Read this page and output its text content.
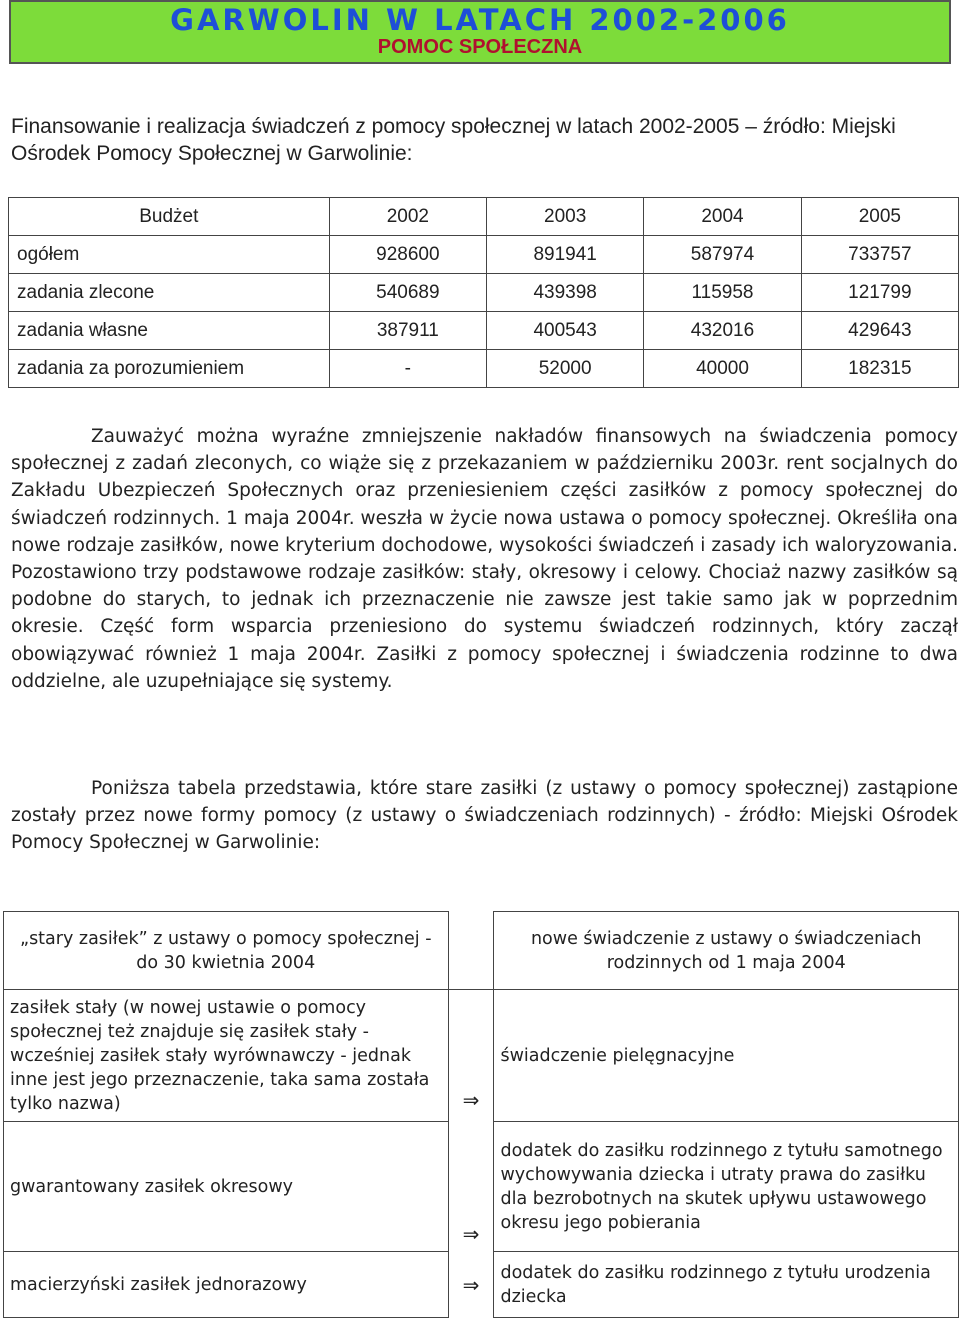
GARWOLIN W LATACH 2002-2006
POMOC SPOŁECZNA
Finansowanie i realizacja świadczeń z pomocy społecznej w latach 2002-2005 – źródło: Miejski Ośrodek Pomocy Społecznej w Garwolinie:
Budżet	2002	2003	2004	2005
ogółem	928600	891941	587974	733757
zadania zlecone	540689	439398	115958	121799
zadania własne	387911	400543	432016	429643
zadania za porozumieniem	-	52000	40000	182315
Zauważyć można wyraźne zmniejszenie nakładów finansowych na świadczenia pomocy społecznej z zadań zleconych, co wiąże się z przekazaniem w październiku 2003r. rent socjalnych do Zakładu Ubezpieczeń Społecznych oraz przeniesieniem części zasiłków z pomocy społecznej do świadczeń rodzinnych. 1 maja 2004r. weszła w życie nowa ustawa o pomocy społecznej. Określiła ona nowe rodzaje zasiłków, nowe kryterium dochodowe, wysokości świadczeń i zasady ich waloryzowania. Pozostawiono trzy podstawowe rodzaje zasiłków: stały, okresowy i celowy. Chociaż nazwy zasiłków są podobne do starych, to jednak ich przeznaczenie nie zawsze jest takie samo jak w poprzednim okresie. Część form wsparcia przeniesiono do systemu świadczeń rodzinnych, który zaczął obowiązywać również 1 maja 2004r. Zasiłki z pomocy społecznej i świadczenia rodzinne to dwa oddzielne, ale uzupełniające się systemy.
Poniższa tabela przedstawia, które stare zasiłki (z ustawy o pomocy społecznej) zastąpione zostały przez nowe formy pomocy (z ustawy o świadczeniach rodzinnych) - źródło: Miejski Ośrodek Pomocy Społecznej w Garwolinie:
„stary zasiłek” z ustawy o pomocy społecznej - do 30 kwietnia 2004		nowe świadczenie z ustawy o świadczeniach rodzinnych od 1 maja 2004
zasiłek stały (w nowej ustawie o pomocy społecznej też znajduje się zasiłek stały - wcześniej zasiłek stały wyrównawczy - jednak inne jest jego przeznaczenie, taka sama została tylko nazwa)	⇒	świadczenie pielęgnacyjne
gwarantowany zasiłek okresowy	⇒	dodatek do zasiłku rodzinnego z tytułu samotnego wychowywania dziecka i utraty prawa do zasiłku dla bezrobotnych na skutek upływu ustawowego okresu jego pobierania
macierzyński zasiłek jednorazowy	⇒	dodatek do zasiłku rodzinnego z tytułu urodzenia dziecka
